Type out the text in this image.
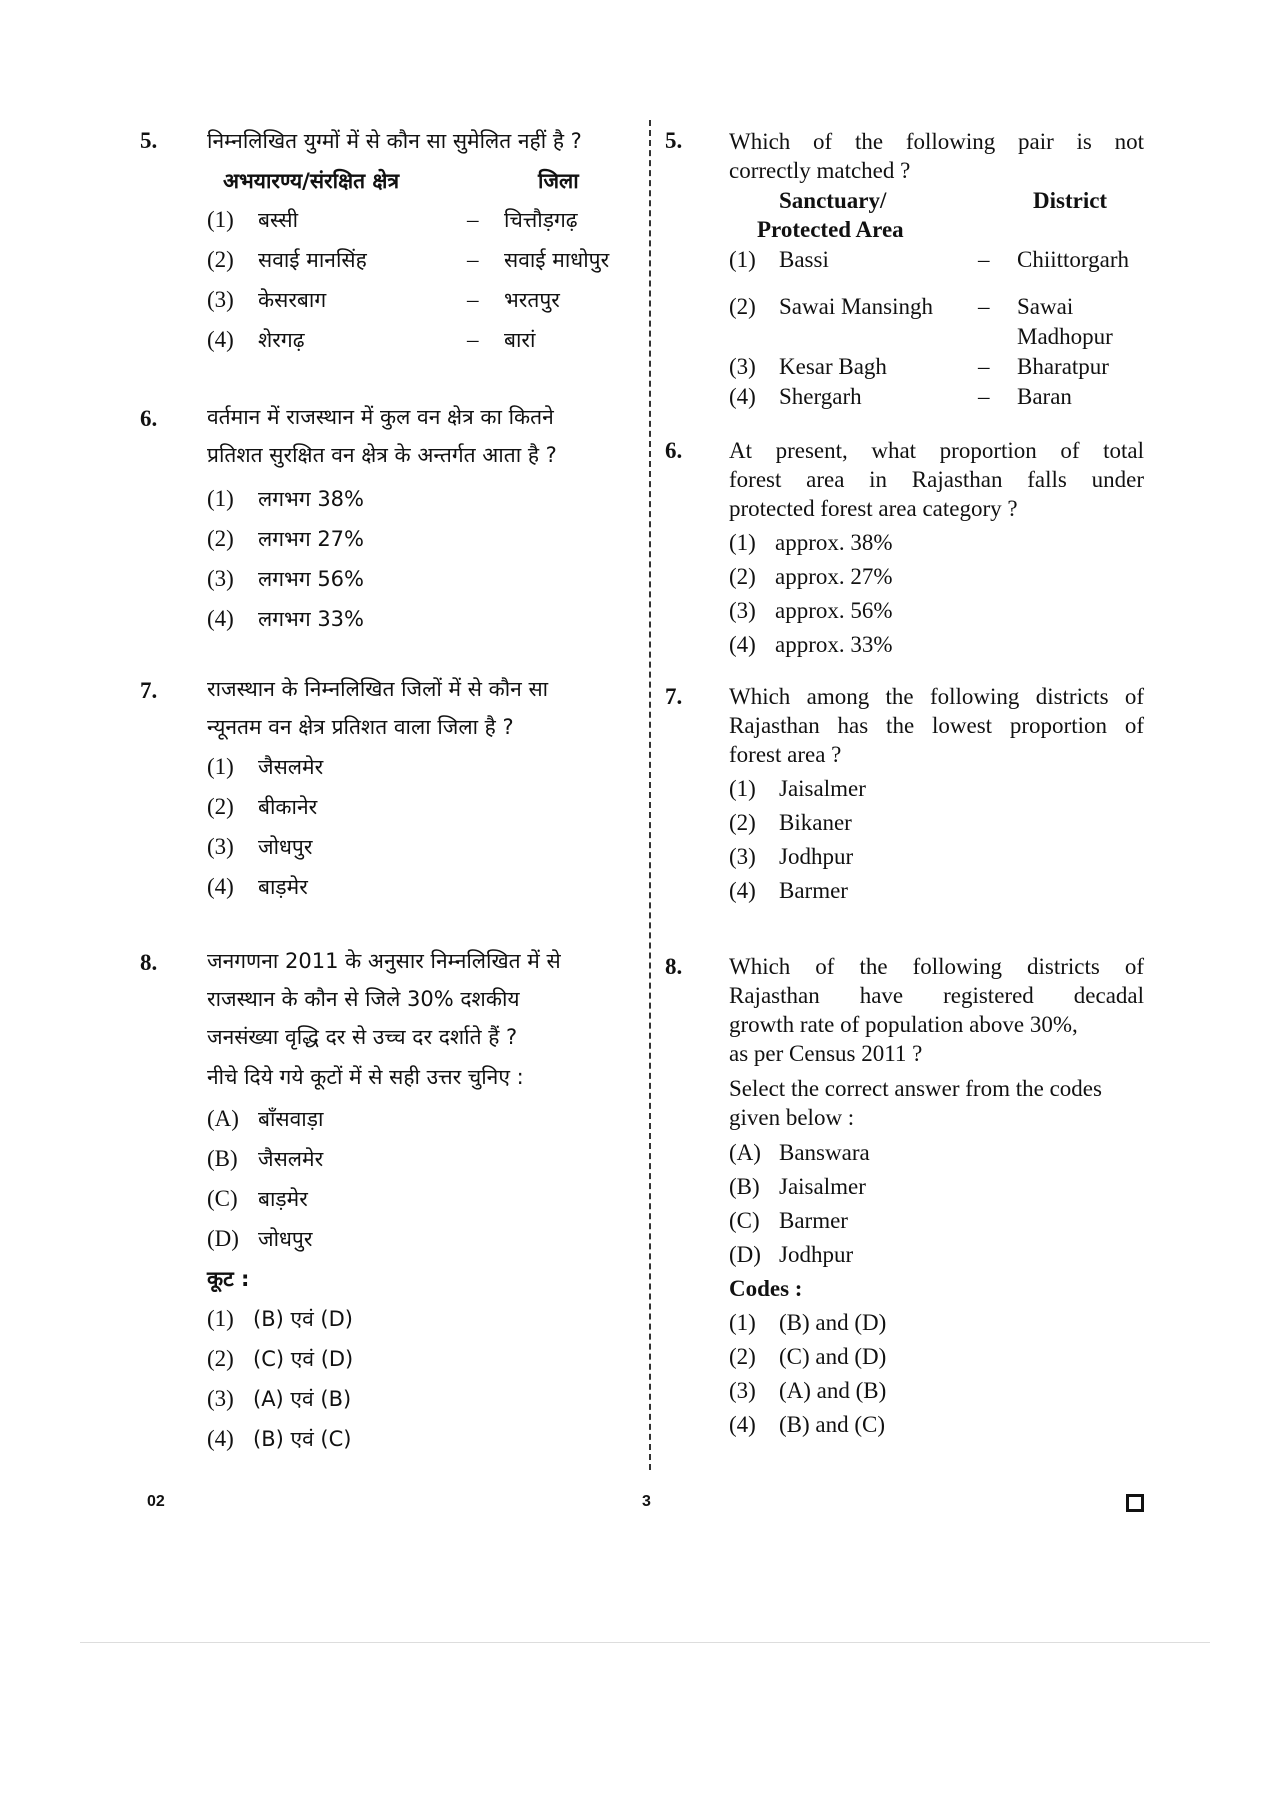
5. निम्नलिखित युग्मों में से कौन सा सुमेलित नहीं है ?
अभयारण्य/संरक्षित क्षेत्र	जिला
(1) बस्सी	– चित्तौड़गढ़
(2) सवाई मानसिंह	– सवाई माधोपुर
(3) केसरबाग	– भरतपुर
(4) शेरगढ़	– बारां
6. वर्तमान में राजस्थान में कुल वन क्षेत्र का कितने
प्रतिशत सुरक्षित वन क्षेत्र के अन्तर्गत आता है ?
(1) लगभग 38%
(2) लगभग 27%
(3) लगभग 56%
(4) लगभग 33%
7. राजस्थान के निम्नलिखित जिलों में से कौन सा
न्यूनतम वन क्षेत्र प्रतिशत वाला जिला है ?
(1) जैसलमेर
(2) बीकानेर
(3) जोधपुर
(4) बाड़मेर
8. जनगणना 2011 के अनुसार निम्नलिखित में से
राजस्थान के कौन से जिले 30% दशकीय
जनसंख्या वृद्धि दर से उच्च दर दर्शाते हैं ?
नीचे दिये गये कूटों में से सही उत्तर चुनिए :
(A) बाँसवाड़ा
(B) जैसलमेर
(C) बाड़मेर
(D) जोधपुर
कूट :
(1) (B) एवं (D)
(2) (C) एवं (D)
(3) (A) एवं (B)
(4) (B) एवं (C)
5. Which of the following pair is not
correctly matched ?
Sanctuary/
Protected Area
District
(1) Bassi	– Chiittorgarh
(2) Sawai Mansingh – Sawai
Madhopur
(3) Kesar Bagh	– Bharatpur
(4) Shergarh	– Baran
6. At present, what proportion of total
forest area in Rajasthan falls under
protected forest area category ?
(1) approx. 38%
(2) approx. 27%
(3) approx. 56%
(4) approx. 33%
7. Which among the following districts of
Rajasthan has the lowest proportion of
forest area ?
(1) Jaisalmer
(2) Bikaner
(3) Jodhpur
(4) Barmer
8. Which of the following districts of
Rajasthan have registered decadal
growth rate of population above 30%,
as per Census 2011 ?
Select the correct answer from the codes
given below :
(A) Banswara
(B) Jaisalmer
(C) Barmer
(D) Jodhpur
Codes :
(1) (B) and (D)
(2) (C) and (D)
(3) (A) and (B)
(4) (B) and (C)
02	3
